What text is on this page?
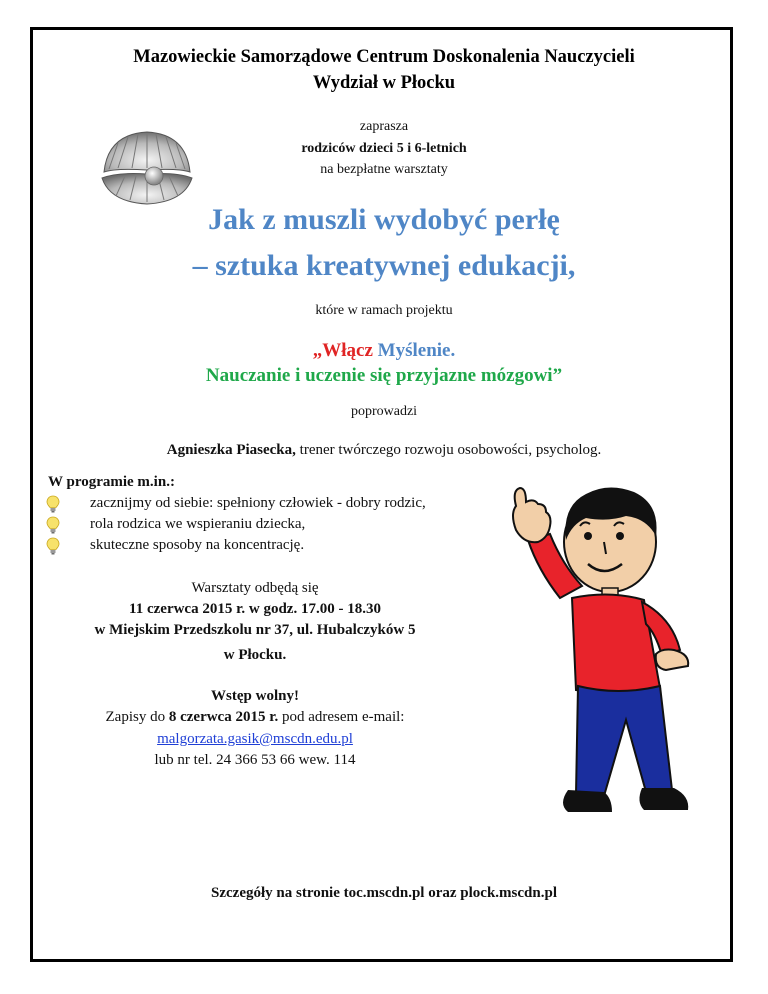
Mazowieckie Samorządowe Centrum Doskonalenia Nauczycieli
Wydział w Płocku
zaprasza
rodziców dzieci 5 i 6-letnich
na bezpłatne warsztaty
Jak z muszli wydobyć perłę
– sztuka kreatywnej edukacji,
które w ramach projektu
„Włącz Myślenie.
Nauczanie i uczenie się przyjazne mózgowi”
poprowadzi
Agnieszka Piasecka, trener twórczego rozwoju osobowości, psycholog.
W programie m.in.:
zacznijmy od siebie: spełniony człowiek - dobry rodzic,
rola rodzica we wspieraniu dziecka,
skuteczne sposoby na koncentrację.
Warsztaty odbędą się
11 czerwca 2015 r. w godz. 17.00 - 18.30
w Miejskim Przedszkolu nr 37, ul. Hubalczyków 5
w Płocku.
Wstęp wolny!
Zapisy do 8 czerwca 2015 r. pod adresem e-mail:
malgorzata.gasik@mscdn.edu.pl
lub nr tel. 24 366 53 66 wew. 114
Szczegóły na stronie toc.mscdn.pl oraz plock.mscdn.pl
